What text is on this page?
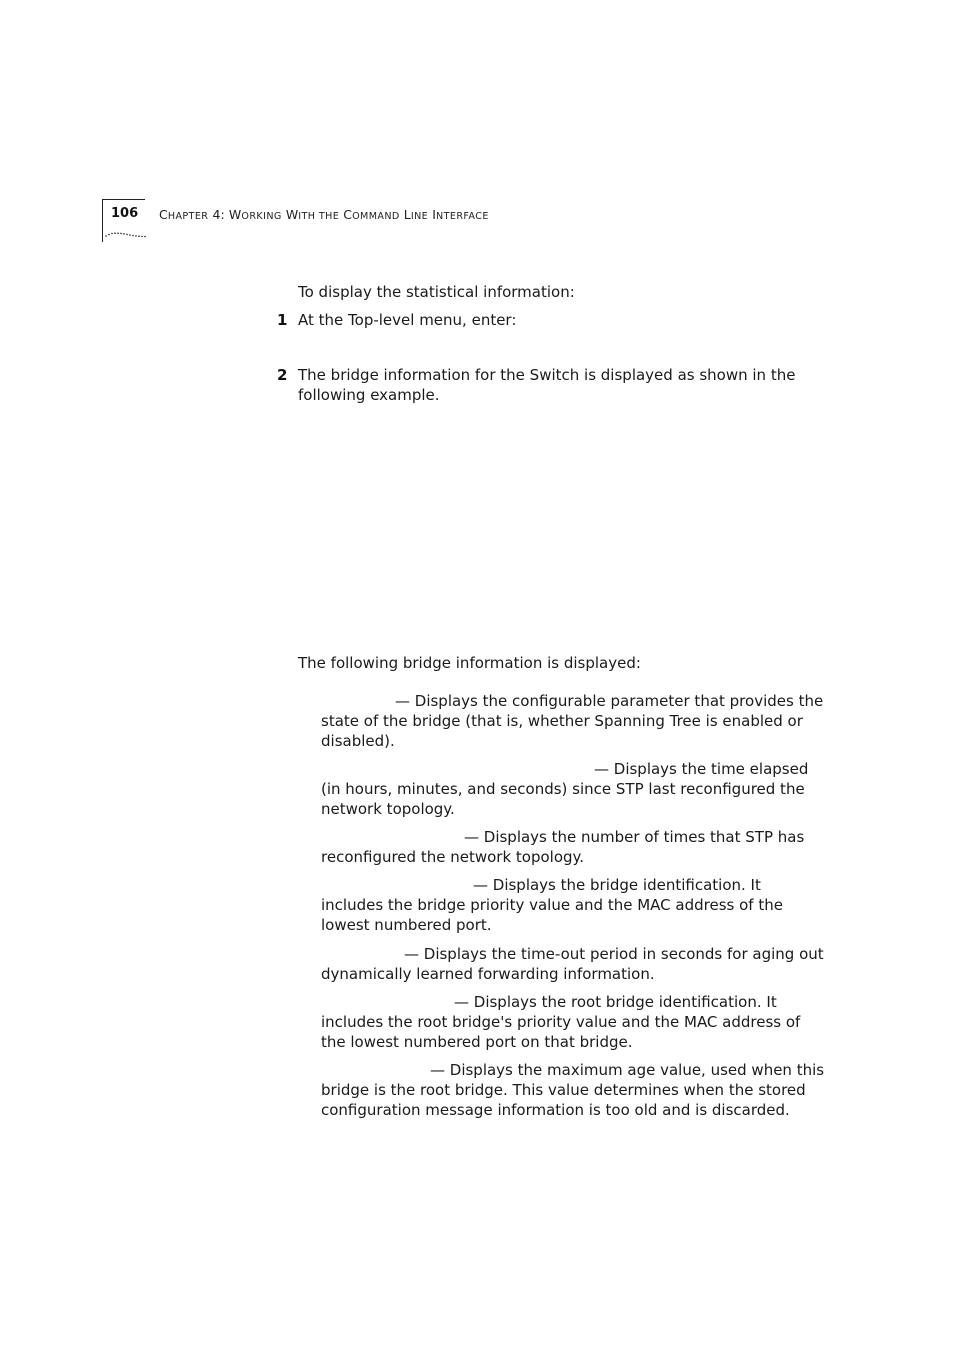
106 CHAPTER 4: WORKING WITH THE COMMAND LINE INTERFACE
To display the statistical information:
1 At the Top-level menu, enter:
2 The bridge information for the Switch is displayed as shown in the following example.
The following bridge information is displayed:
— Displays the configurable parameter that provides the state of the bridge (that is, whether Spanning Tree is enabled or disabled).
— Displays the time elapsed (in hours, minutes, and seconds) since STP last reconfigured the network topology.
— Displays the number of times that STP has reconfigured the network topology.
— Displays the bridge identification. It includes the bridge priority value and the MAC address of the lowest numbered port.
— Displays the time-out period in seconds for aging out dynamically learned forwarding information.
— Displays the root bridge identification. It includes the root bridge's priority value and the MAC address of the lowest numbered port on that bridge.
— Displays the maximum age value, used when this bridge is the root bridge. This value determines when the stored configuration message information is too old and is discarded.
